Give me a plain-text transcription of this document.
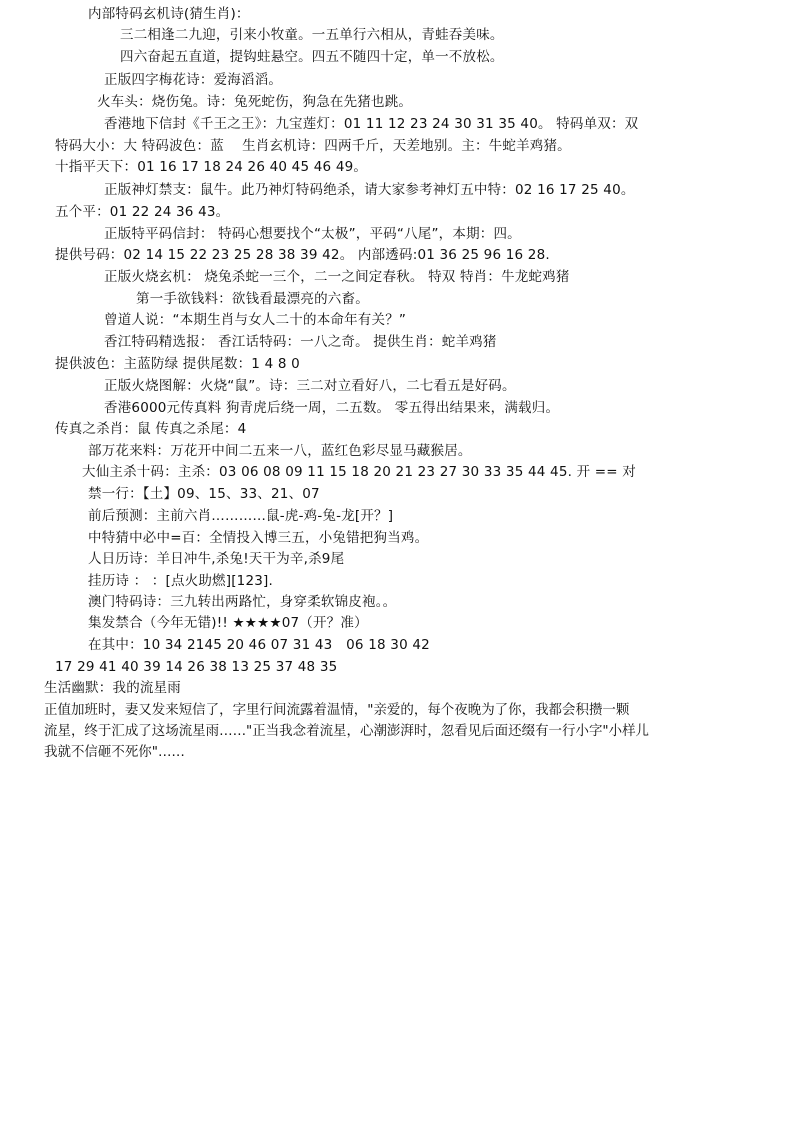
内部特码玄机诗(猜生肖)：
三二相逢二九迎，引来小牧童。一五单行六相从，青蛙吞美味。
四六奋起五直道，提钩蛀悬空。四五不随四十定，单一不放松。
正版四字梅花诗：爱海滔滔。
火车头：烧伤兔。诗：兔死蛇伤，狗急在先猪也跳。
香港地下信封《千王之王》：九宝莲灯：01 11 12 23 24 30 31 35 40。 特码单双：双
特码大小：大 特码波色：蓝　 生肖玄机诗：四两千斤，天差地别。主：牛蛇羊鸡猪。
十指平天下：01 16 17 18 24 26 40 45 46 49。
正版神灯禁支：鼠牛。此乃神灯特码绝杀，请大家参考神灯五中特：02 16 17 25 40。
五个平：01 22 24 36 43。
正版特平码信封： 特码心想要找个“太极”，平码“八尾”，本期：四。
提供号码：02 14 15 22 23 25 28 38 39 42。 内部透码:01 36 25 96 16 28.
正版火烧玄机： 烧兔杀蛇一三个，二一之间定春秋。 特双 特肖：牛龙蛇鸡猪
第一手欲钱料：欲钱看最漂亮的六畜。
曾道人说：“本期生肖与女人二十的本命年有关？”
香江特码精选报： 香江话特码：一八之奇。 提供生肖：蛇羊鸡猪
提供波色：主蓝防绿 提供尾数：1 4 8 0
正版火烧图解：火烧“鼠”。诗：三二对立看好八，二七看五是好码。
香港6000元传真料 狗青虎后绕一周，二五数。 零五得出结果来，满载归。
传真之杀肖：鼠 传真之杀尾：4
部万花来料：万花开中间二五来一八，蓝红色彩尽显马藏猴居。
大仙主杀十码：主杀：03 06 08 09 11 15 18 20 21 23 27 30 33 35 44 45. 开 == 对
禁一行：【土】09、15、33、21、07
前后预测：主前六肖…………鼠-虎-鸡-兔-龙[开？]
中特猜中必中=百：全情投入博三五，小兔错把狗当鸡。
人日历诗：羊日冲牛,杀兔!天干为辛,杀9尾
挂历诗 ： ：[点火助燃][123].
澳门特码诗：三九转出两路忙，身穿柔软锦皮袍。。
集发禁合（今年无错)!! ★★★★07（开？准）
在其中：10 34 2145 20 46 07 31 43　06 18 30 42
17 29 41 40 39 14 26 38 13 25 37 48 35
生活幽默：我的流星雨
正值加班时，妻又发来短信了，字里行间流露着温情，"亲爱的，每个夜晚为了你，我都会积攒一颗
流星，终于汇成了这场流星雨……"正当我念着流星，心潮澎湃时，忽看见后面还缀有一行小字"小样儿
我就不信砸不死你"……
